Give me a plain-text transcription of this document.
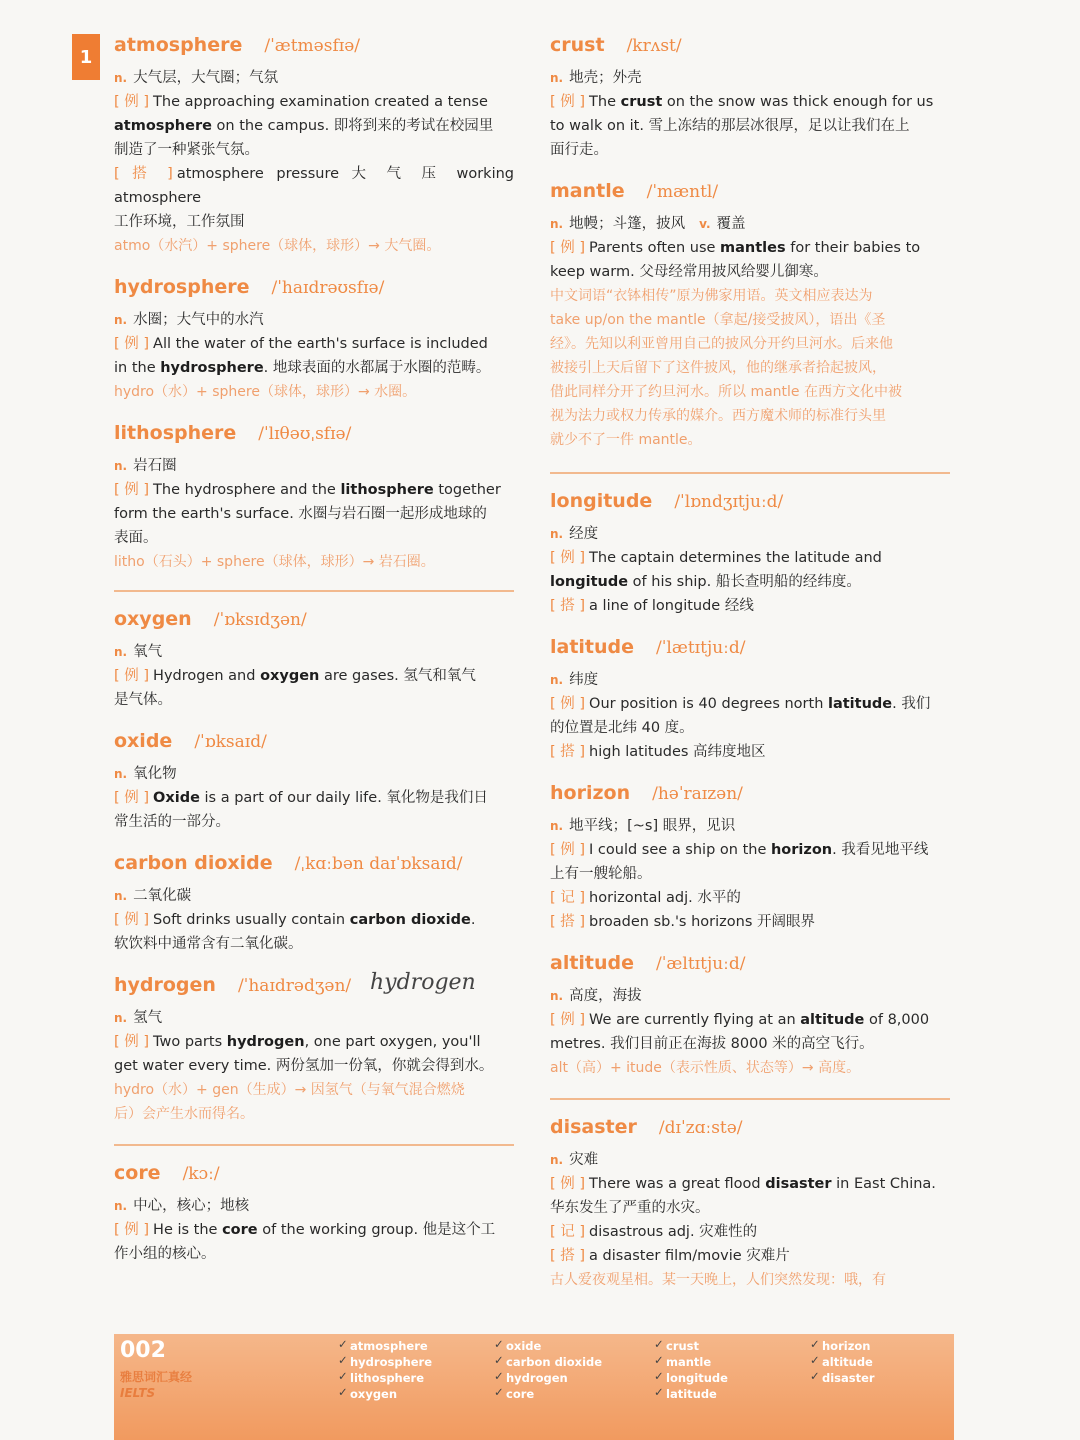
1
atmosphere /ˈætməsfɪə/
n. 大气层，大气圈；气氛
[ 例 ] The approaching examination created a tense
atmosphere on the campus. 即将到来的考试在校园里
制造了一种紧张气氛。
[ 搭 ] atmosphere pressure 大 气 压 working atmosphere
工作环境，工作氛围
atmo（水汽）+ sphere（球体，球形）→ 大气圈。
hydrosphere /ˈhaɪdrəʊsfɪə/
n. 水圈；大气中的水汽
[ 例 ] All the water of the earth's surface is included
in the hydrosphere. 地球表面的水都属于水圈的范畴。
hydro（水）+ sphere（球体，球形）→ 水圈。
lithosphere /ˈlɪθəʊˌsfɪə/
n. 岩石圈
[ 例 ] The hydrosphere and the lithosphere together
form the earth's surface. 水圈与岩石圈一起形成地球的
表面。
litho（石头）+ sphere（球体，球形）→ 岩石圈。
oxygen /ˈɒksɪdʒən/
n. 氧气
[ 例 ] Hydrogen and oxygen are gases. 氢气和氧气
是气体。
oxide /ˈɒksaɪd/
n. 氧化物
[ 例 ] Oxide is a part of our daily life. 氧化物是我们日
常生活的一部分。
carbon dioxide /ˌkɑːbən daɪˈɒksaɪd/
n. 二氧化碳
[ 例 ] Soft drinks usually contain carbon dioxide.
软饮料中通常含有二氧化碳。
hydrogen /ˈhaɪdrədʒən/ hydrogen
n. 氢气
[ 例 ] Two parts hydrogen, one part oxygen, you'll
get water every time. 两份氢加一份氧，你就会得到水。
hydro（水）+ gen（生成）→ 因氢气（与氧气混合燃烧
后）会产生水而得名。
core /kɔː/
n. 中心，核心；地核
[ 例 ] He is the core of the working group. 他是这个工
作小组的核心。
crust /krʌst/
n. 地壳；外壳
[ 例 ] The crust on the snow was thick enough for us
to walk on it. 雪上冻结的那层冰很厚，足以让我们在上
面行走。
mantle /ˈmæntl/
n. 地幔；斗篷，披风 v. 覆盖
[ 例 ] Parents often use mantles for their babies to
keep warm. 父母经常用披风给婴儿御寒。
中文词语“衣钵相传”原为佛家用语。英文相应表达为
take up/on the mantle（拿起/接受披风），语出《圣
经》。先知以利亚曾用自己的披风分开约旦河水。后来他
被接引上天后留下了这件披风，他的继承者拾起披风，
借此同样分开了约旦河水。所以 mantle 在西方文化中被
视为法力或权力传承的媒介。西方魔术师的标准行头里
就少不了一件 mantle。
longitude /ˈlɒndʒɪtjuːd/
n. 经度
[ 例 ] The captain determines the latitude and
longitude of his ship. 船长查明船的经纬度。
[ 搭 ] a line of longitude 经线
latitude /ˈlætɪtjuːd/
n. 纬度
[ 例 ] Our position is 40 degrees north latitude. 我们
的位置是北纬 40 度。
[ 搭 ] high latitudes 高纬度地区
horizon /həˈraɪzən/
n. 地平线；[~s] 眼界，见识
[ 例 ] I could see a ship on the horizon. 我看见地平线
上有一艘轮船。
[ 记 ] horizontal adj. 水平的
[ 搭 ] broaden sb.'s horizons 开阔眼界
altitude /ˈæltɪtjuːd/
n. 高度，海拔
[ 例 ] We are currently flying at an altitude of 8,000
metres. 我们目前正在海拔 8000 米的高空飞行。
alt（高）+ itude（表示性质、状态等）→ 高度。
disaster /dɪˈzɑːstə/
n. 灾难
[ 例 ] There was a great flood disaster in East China.
华东发生了严重的水灾。
[ 记 ] disastrous adj. 灾难性的
[ 搭 ] a disaster film/movie 灾难片
古人爱夜观星相。某一天晚上，人们突然发现：哦，有
002
雅思词汇真经
IELTS
✓ atmosphere
✓ hydrosphere
✓ lithosphere
✓ oxygen
✓ oxide
✓ carbon dioxide
✓ hydrogen
✓ core
✓ crust
✓ mantle
✓ longitude
✓ latitude
✓ horizon
✓ altitude
✓ disaster
